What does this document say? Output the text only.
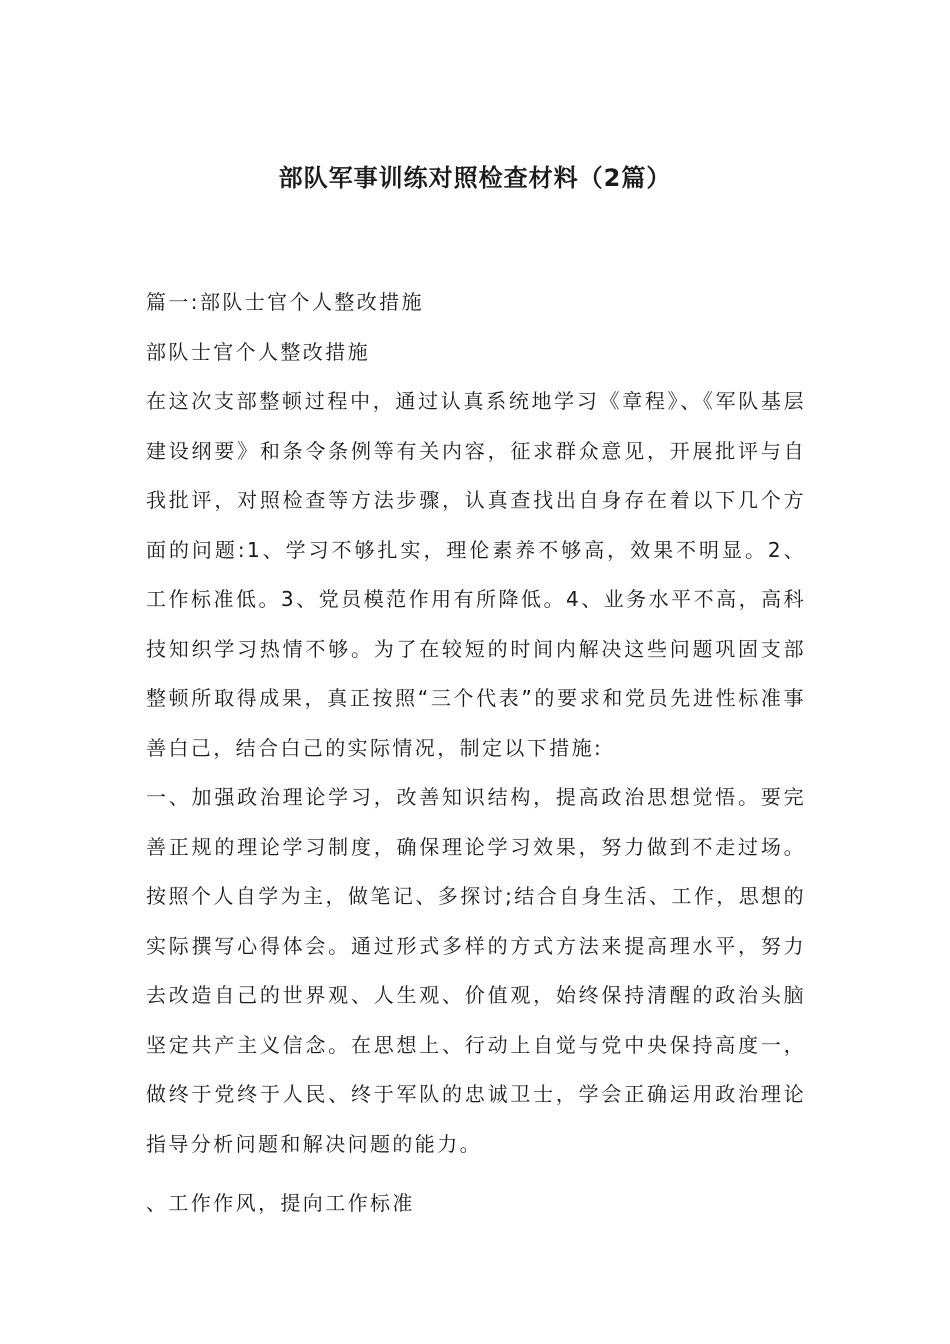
部队军事训练对照检查材料（2篇）

篇一:部队士官个人整改措施

部队士官个人整改措施

在这次支部整顿过程中，通过认真系统地学习《章程》、《军队基层建设纲要》和条令条例等有关内容，征求群众意见，开展批评与自我批评，对照检查等方法步骤，认真查找出自身存在着以下几个方面的问题:1、学习不够扎实，理伦素养不够高，效果不明显。2、工作标准低。3、党员模范作用有所降低。4、业务水平不高，高科技知织学习热情不够。为了在较短的时间内解决这些问题巩固支部整顿所取得成果，真正按照“三个代表”的要求和党员先进性标准事善白己，结合白己的实际情况，制定以下措施:

一、加强政治理论学习，改善知识结构，提高政治思想觉悟。要完善正规的理论学习制度，确保理论学习效果，努力做到不走过场。按照个人自学为主，做笔记、多探讨;结合自身生活、工作，思想的实际撰写心得体会。通过形式多样的方式方法来提高理水平，努力去改造自己的世界观、人生观、价值观，始终保持清醒的政治头脑坚定共产主义信念。在思想上、行动上自觉与党中央保持高度一，做终于党终于人民、终于军队的忠诚卫士，学会正确运用政治理论指导分析问题和解决问题的能力。

、工作作风，提向工作标准
